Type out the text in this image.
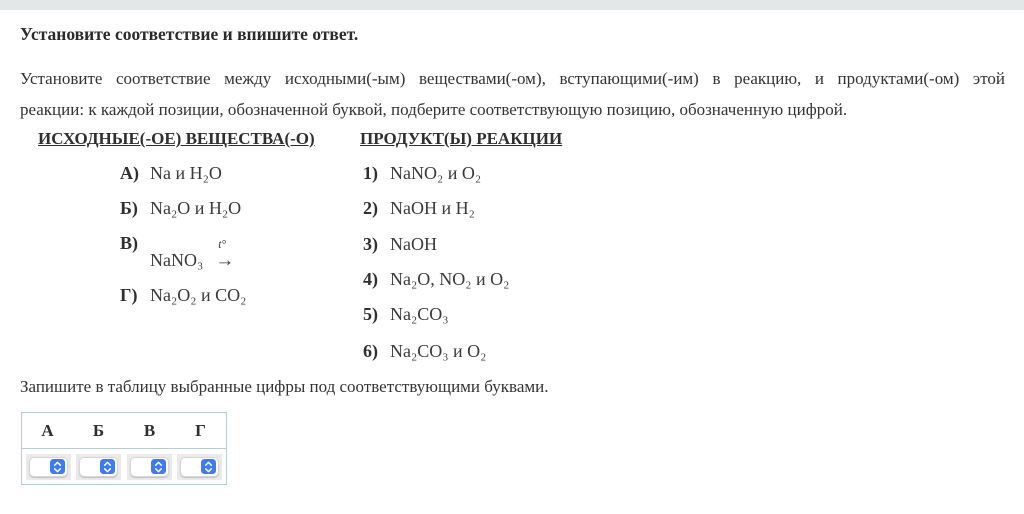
Установите соответствие и впишите ответ.
Установите соответствие между исходными(-ым) веществами(-ом), вступающими(-им) в реакцию, и продуктами(-ом) этой
реакции: к каждой позиции, обозначенной буквой, подберите соответствующую позицию, обозначенную цифрой.
ИСХОДНЫЕ(-ОЕ) ВЕЩЕСТВА(-О)	ПРОДУКТ(Ы) РЕАКЦИИ
А) Na и H₂O
Б) Na₂O и H₂O
В)
NaNO₃
t°
→
Г) Na₂O₂ и CO₂
1) NaNO₂ и O₂
2) NaOH и H₂
3) NaOH
4) Na₂O, NO₂ и O₂
5) Na₂CO₃
6) Na₂CO₃ и O₂
Запишите в таблицу выбранные цифры под соответствующими буквами.
А	Б	В	Г
